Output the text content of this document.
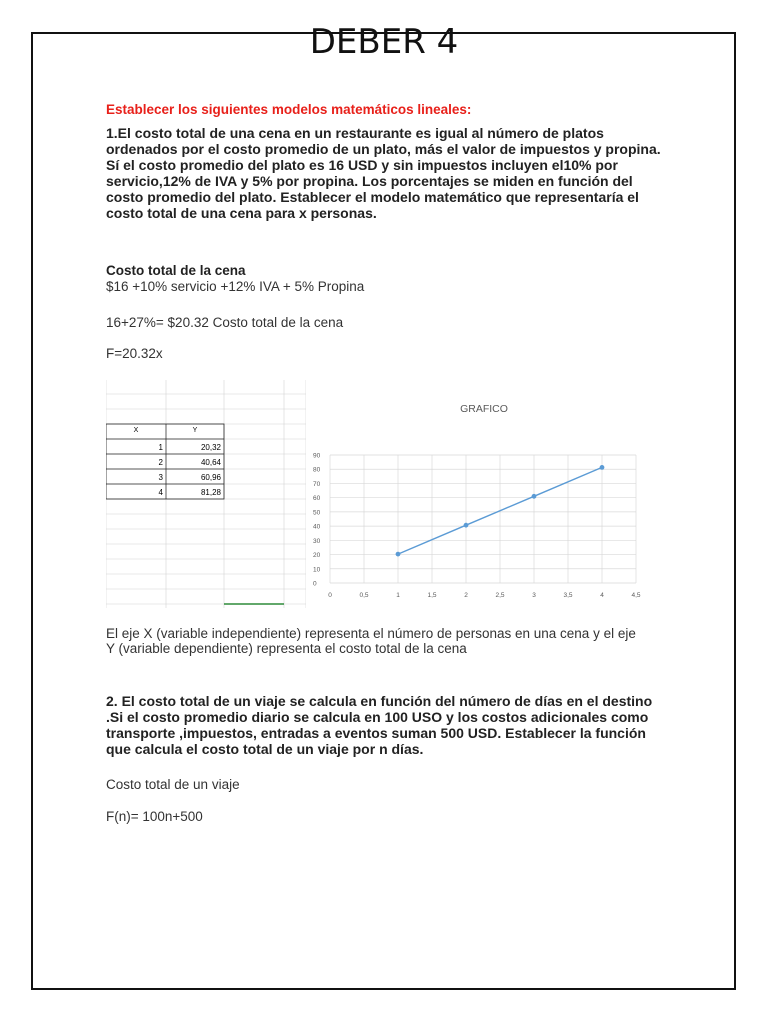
DEBER 4
Establecer los siguientes modelos matemáticos lineales:
1.El costo total de una cena en un restaurante es igual al número de platos
ordenados por el costo promedio de un plato, más el valor de impuestos y propina.
Sí el costo promedio del plato es 16 USD y sin impuestos incluyen el10% por
servicio,12% de IVA y 5% por propina. Los porcentajes se miden en función del
costo promedio del plato. Establecer el modelo matemático que representaría el
costo total de una cena para x personas.
Costo total de la cena
$16 +10% servicio +12% IVA + 5% Propina
16+27%= $20.32 Costo total de la cena
F=20.32x
X	Y
1	20,32
2	40,64
3	60,96
4	81,28
GRAFICO
0
10
20
30
40
50
60
70
80
90
0	0,5	1	1,5	2	2,5	3	3,5	4	4,5
El eje X (variable independiente) representa el número de personas en una cena y el eje
Y (variable dependiente) representa el costo total de la cena
2. El costo total de un viaje se calcula en función del número de días en el destino
.Si el costo promedio diario se calcula en 100 USO y los costos adicionales como
transporte ,impuestos, entradas a eventos suman 500 USD. Establecer la función
que calcula el costo total de un viaje por n días.
Costo total de un viaje
F(n)= 100n+500
